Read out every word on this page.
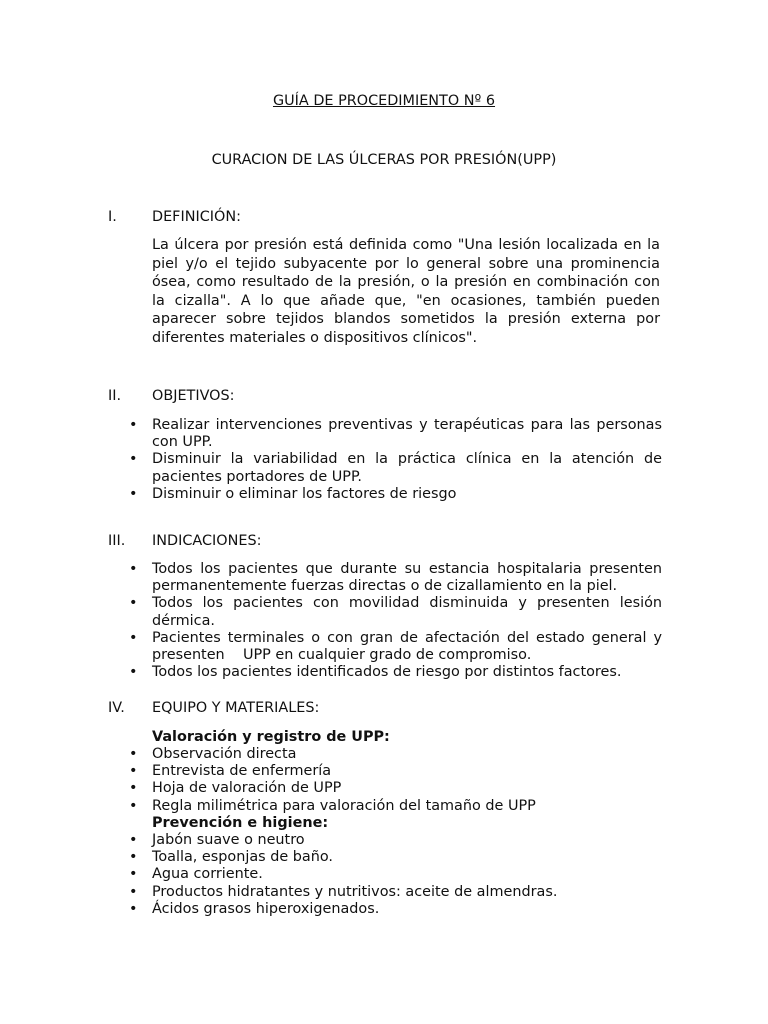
GUÍA DE PROCEDIMIENTO Nº 6
CURACION DE LAS ÚLCERAS POR PRESIÓN(UPP)
I. DEFINICIÓN:
La úlcera por presión está definida como "Una lesión localizada en la piel y/o el tejido subyacente por lo general sobre una prominencia ósea, como resultado de la presión, o la presión en combinación con la cizalla". A lo que añade que, "en ocasiones, también pueden aparecer sobre tejidos blandos sometidos la presión externa por diferentes materiales o dispositivos clínicos".
II. OBJETIVOS:
• Realizar intervenciones preventivas y terapéuticas para las personas con UPP.
• Disminuir la variabilidad en la práctica clínica en la atención de pacientes portadores de UPP.
• Disminuir o eliminar los factores de riesgo
III. INDICACIONES:
• Todos los pacientes que durante su estancia hospitalaria presenten permanentemente fuerzas directas o de cizallamiento en la piel.
• Todos los pacientes con movilidad disminuida y presenten lesión dérmica.
• Pacientes terminales o con gran de afectación del estado general y presenten    UPP en cualquier grado de compromiso.
• Todos los pacientes identificados de riesgo por distintos factores.
IV. EQUIPO Y MATERIALES:
Valoración y registro de UPP:
• Observación directa
• Entrevista de enfermería
• Hoja de valoración de UPP
• Regla milimétrica para valoración del tamaño de UPP
Prevención e higiene:
• Jabón suave o neutro
• Toalla, esponjas de baño.
• Agua corriente.
• Productos hidratantes y nutritivos: aceite de almendras.
• Ácidos grasos hiperoxigenados.
